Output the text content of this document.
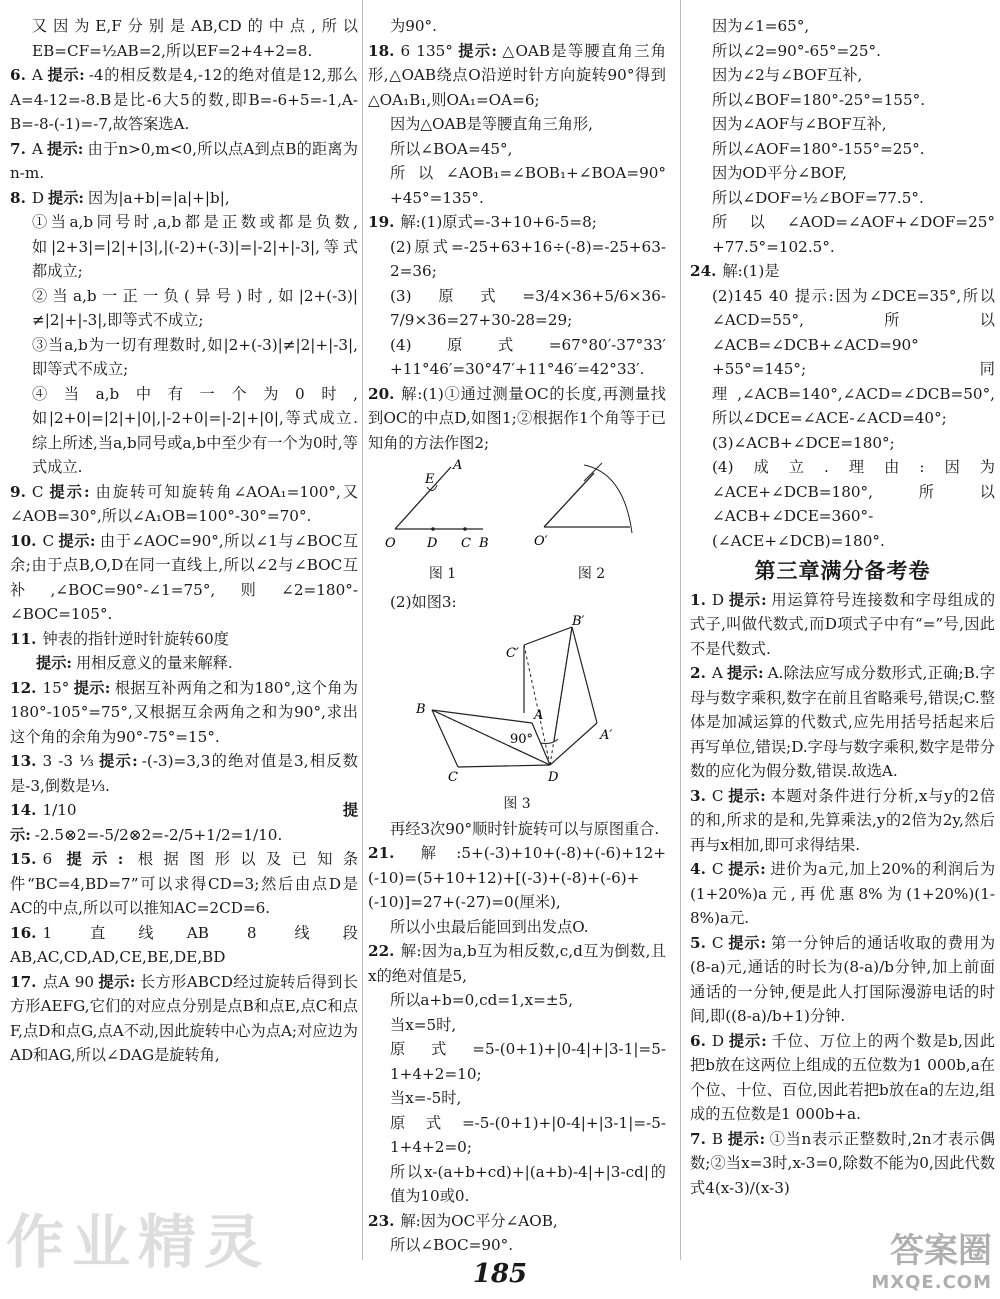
又因为E,F分别是AB,CD的中点,所以EB=CF=½AB=2,所以EF=2+4+2=8.

6. A 提示: -4的相反数是4,-12的绝对值是12,那么A=4-12=-8.B是比-6大5的数,即B=-6+5=-1,A-B=-8-(-1)=-7,故答案选A.

7. A 提示: 由于n>0,m<0,所以点A到点B的距离为n-m.

8. D 提示: 因为|a+b|=|a|+|b|,

①当a,b同号时,a,b都是正数或都是负数,如|2+3|=|2|+|3|,|(-2)+(-3)|=|-2|+|-3|,等式都成立;

②当a,b一正一负(异号)时,如|2+(-3)|≠|2|+|-3|,即等式不成立;

③当a,b为一切有理数时,如|2+(-3)|≠|2|+|-3|,即等式不成立;

④当a,b中有一个为0时,如|2+0|=|2|+|0|,|-2+0|=|-2|+|0|,等式成立.综上所述,当a,b同号或a,b中至少有一个为0时,等式成立.

9. C 提示: 由旋转可知旋转角∠AOA₁=100°,又∠AOB=30°,所以∠A₁OB=100°-30°=70°.

10. C 提示: 由于∠AOC=90°,所以∠1与∠BOC互余;由于点B,O,D在同一直线上,所以∠2与∠BOC互补,∠BOC=90°-∠1=75°,则∠2=180°-∠BOC=105°.

11. 钟表的指针逆时针旋转60度

提示: 用相反意义的量来解释.

12. 15° 提示: 根据互补两角之和为180°,这个角为180°-105°=75°,又根据互余两角之和为90°,求出这个角的余角为90°-75°=15°.

13. 3 -3 ⅓ 提示: -(-3)=3,3的绝对值是3,相反数是-3,倒数是⅓.

14. 1/10 提示: -2.5⊗2=-5/2⊗2=-2/5+1/2=1/10.

15. 6 提示: 根据图形以及已知条件“BC=4,BD=7”可以求得CD=3;然后由点D是AC的中点,所以可以推知AC=2CD=6.

16. 1 直线AB 8 线段AB,AC,CD,AD,CE,BE,DE,BD

17. 点A 90 提示: 长方形ABCD经过旋转后得到长方形AEFG,它们的对应点分别是点B和点E,点C和点F,点D和点G,点A不动,因此旋转中心为点A;对应边为AD和AG,所以∠DAG是旋转角,

为90°.

18. 6 135° 提示: △OAB是等腰直角三角形,△OAB绕点O沿逆时针方向旋转90°得到△OA₁B₁,则OA₁=OA=6;

因为△OAB是等腰直角三角形,

所以∠BOA=45°,

所以∠AOB₁=∠BOB₁+∠BOA=90°+45°=135°.

19. 解:(1)原式=-3+10+6-5=8;

(2)原式=-25+63+16÷(-8)=-25+63-2=36;

(3)原式=3/4×36+5/6×36-7/9×36=27+30-28=29;

(4)原式=67°80′-37°33′+11°46′=30°47′+11°46′=42°33′.

20. 解:(1)①通过测量OC的长度,再测量找到OC的中点D,如图1;②根据作1个角等于已知角的方法作图2;

E
A
O D C B
图 1
O′
图 2

(2)如图3:

B′
C′
A
B
90°	A′
C	D
图 3

再经3次90°顺时针旋转可以与原图重合.

21. 解:5+(-3)+10+(-8)+(-6)+12+(-10)=(5+10+12)+[(-3)+(-8)+(-6)+(-10)]=27+(-27)=0(厘米),

所以小虫最后能回到出发点O.

22. 解:因为a,b互为相反数,c,d互为倒数,且x的绝对值是5,

所以a+b=0,cd=1,x=±5,

当x=5时,

原式=5-(0+1)+|0-4|+|3-1|=5-1+4+2=10;

当x=-5时,

原式=-5-(0+1)+|0-4|+|3-1|=-5-1+4+2=0;

所以x-(a+b+cd)+|(a+b)-4|+|3-cd|的值为10或0.

23. 解:因为OC平分∠AOB,

所以∠BOC=90°.

因为∠1=65°,

所以∠2=90°-65°=25°.

因为∠2与∠BOF互补,

所以∠BOF=180°-25°=155°.

因为∠AOF与∠BOF互补,

所以∠AOF=180°-155°=25°.

因为OD平分∠BOF,

所以∠DOF=½∠BOF=77.5°.

所以∠AOD=∠AOF+∠DOF=25°+77.5°=102.5°.

24. 解:(1)是

(2)145 40 提示:因为∠DCE=35°,所以∠ACD=55°,所以∠ACB=∠DCB+∠ACD=90°+55°=145°;同理,∠ACB=140°,∠ACD=∠DCB=50°,所以∠DCE=∠ACE-∠ACD=40°;

(3)∠ACB+∠DCE=180°;

(4)成立.理由:因为∠ACE+∠DCB=180°,所以∠ACB+∠DCE=360°-(∠ACE+∠DCB)=180°.

第三章满分备考卷

1. D 提示: 用运算符号连接数和字母组成的式子,叫做代数式,而D项式子中有“=”号,因此不是代数式.

2. A 提示: A.除法应写成分数形式,正确;B.字母与数字乘积,数字在前且省略乘号,错误;C.整体是加减运算的代数式,应先用括号括起来后再写单位,错误;D.字母与数字乘积,数字是带分数的应化为假分数,错误.故选A.

3. C 提示: 本题对条件进行分析,x与y的2倍的和,所求的是和,先算乘法,y的2倍为2y,然后再与x相加,即可求得结果.

4. C 提示: 进价为a元,加上20%的利润后为(1+20%)a元,再优惠8%为(1+20%)(1-8%)a元.

5. C 提示: 第一分钟后的通话收取的费用为(8-a)元,通话的时长为(8-a)/b分钟,加上前面通话的一分钟,便是此人打国际漫游电话的时间,即((8-a)/b+1)分钟.

6. D 提示: 千位、万位上的两个数是b,因此把b放在这两位上组成的五位数为1 000b,a在个位、十位、百位,因此若把b放在a的左边,组成的五位数是1 000b+a.

7. B 提示: ①当n表示正整数时,2n才表示偶数;②当x=3时,x-3=0,除数不能为0,因此代数式4(x-3)/(x-3)

作业精灵	185
答案圈
MXQE.COM
